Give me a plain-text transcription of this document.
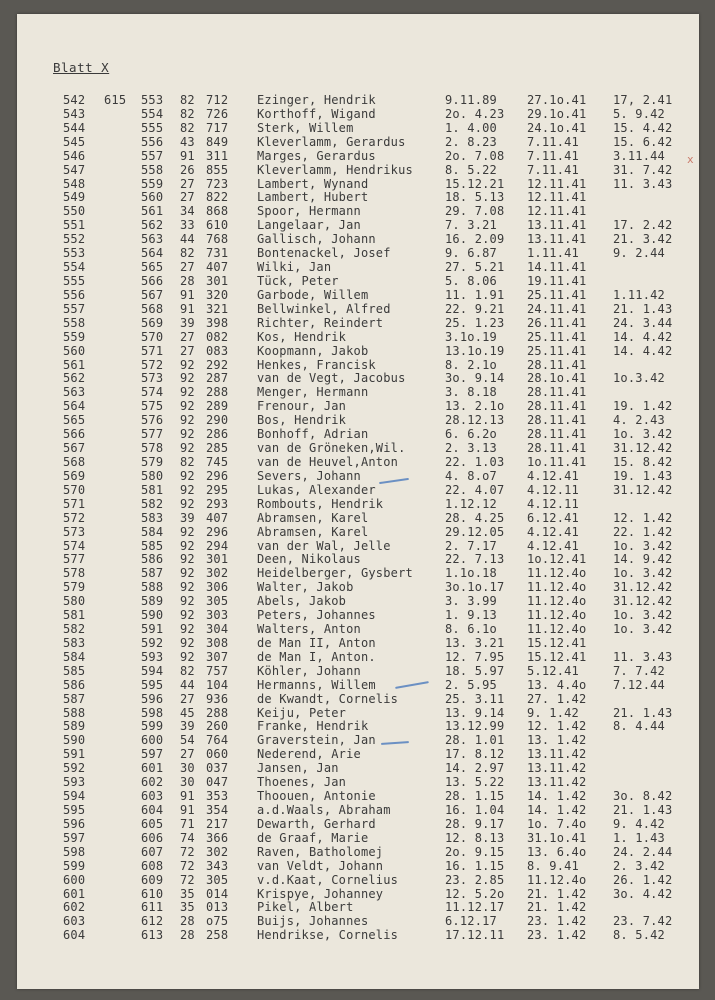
Blatt X
542 615 553 82 712 Ezinger, Hendrik	9.11.89	27.1o.41 17, 2.41
543	554 82 726 Korthoff, Wigand	2o. 4.23 29.1o.41 5. 9.42
544	555 82 717 Sterk, Willem	1. 4.00	24.1o.41 15. 4.42
545	556 43 849 Kleverlamm, Gerardus	2. 8.23	7.11.41	15. 6.42
546	557 91 311 Marges, Gerardus	2o. 7.08 7.11.41	3.11.44
547	558 26 855 Kleverlamm, Hendrikus	8. 5.22	7.11.41	31. 7.42
548	559 27 723 Lambert, Wynand	15.12.21 12.11.41 11. 3.43
549	560 27 822 Lambert, Hubert	18. 5.13 12.11.41
550	561 34 868 Spoor, Hermann	29. 7.08 12.11.41
551	562 33 610 Langelaar, Jan	7. 3.21	13.11.41 17. 2.42
552	563 44 768 Gallisch, Johann	16. 2.09 13.11.41 21. 3.42
553	564 82 731 Bontenackel, Josef	9. 6.87	1.11.41	9. 2.44
554	565 27 407 Wilki, Jan	27. 5.21 14.11.41
555	566 28 301 Tück, Peter	5. 8.06	19.11.41
556	567 91 320 Garbode, Willem	11. 1.91 25.11.41 1.11.42
557	568 91 321 Bellwinkel, Alfred	22. 9.21 24.11.41 21. 1.43
558	569 39 398 Richter, Reindert	25. 1.23 26.11.41 24. 3.44
559	570 27 082 Kos, Hendrik	3.1o.19	25.11.41 14. 4.42
560	571 27 083 Koopmann, Jakob	13.1o.19 25.11.41 14. 4.42
561	572 92 292 Henkes, Francisk	8. 2.1o	28.11.41
562	573 92 287 van de Vegt, Jacobus	3o. 9.14 28.1o.41 1o.3.42
563	574 92 288 Menger, Hermann	3. 8.18	28.11.41
564	575 92 289 Frenour, Jan	13. 2.1o 28.11.41 19. 1.42
565	576 92 290 Bos, Hendrik	28.12.13 28.11.41 4. 2.43
566	577 92 286 Bonhoff, Adrian	6. 6.2o	28.11.41 1o. 3.42
567	578 92 285 van de Gröneken,Wil.	2. 3.13	28.11.41 31.12.42
568	579 82 745 van de Heuvel,Anton	22. 1.03 1o.11.41 15. 8.42
569	580 92 296 Severs, Johann	4. 8.o7	4.12.41	19. 1.43
570	581 92 295 Lukas, Alexander	22. 4.07 4.12.11	31.12.42
571	582 92 293 Rombouts, Hendrik	1.12.12	4.12.11
572	583 39 407 Abramsen, Karel	28. 4.25 6.12.41	12. 1.42
573	584 92 296 Abramsen, Karel	29.12.05 4.12.41	22. 1.42
574	585 92 294 van der Wal, Jelle	2. 7.17	4.12.41	1o. 3.42
577	586 92 301 Deen, Nikolaus	22. 7.13 1o.12.41 14. 9.42
578	587 92 302 Heidelberger, Gysbert	1.1o.18	11.12.4o 1o. 3.42
579	588 92 306 Walter, Jakob	3o.1o.17 11.12.4o 31.12.42
580	589 92 305 Abels, Jakob	3. 3.99	11.12.4o 31.12.42
581	590 92 303 Peters, Johannes	1. 9.13	11.12.4o 1o. 3.42
582	591 92 304 Walters, Anton	8. 6.1o	11.12.4o 1o. 3.42
583	592 92 308 de Man II, Anton	13. 3.21 15.12.41
584	593 92 307 de Man I, Anton.	12. 7.95 15.12.41 11. 3.43
585	594 82 757 Köhler, Johann	18. 5.97 5.12.41	7. 7.42
586	595 44 104 Hermanns, Willem	2. 5.95	13. 4.4o 7.12.44
587	596 27 936 de Kwandt, Cornelis	25. 3.11 27. 1.42
588	598 45 288 Keiju, Peter	13. 9.14 9. 1.42	21. 1.43
589	599 39 260 Franke, Hendrik	13.12.99 12. 1.42 8. 4.44
590	600 54 764 Graverstein, Jan	28. 1.01 13. 1.42
591	597 27 060 Nederend, Arie	17. 8.12 13.11.42
592	601 30 037 Jansen, Jan	14. 2.97 13.11.42
593	602 30 047 Thoenes, Jan	13. 5.22 13.11.42
594	603 91 353 Thoouen, Antonie	28. 1.15 14. 1.42 3o. 8.42
595	604 91 354 a.d.Waals, Abraham	16. 1.04 14. 1.42 21. 1.43
596	605 71 217 Dewarth, Gerhard	28. 9.17 1o. 7.4o 9. 4.42
597	606 74 366 de Graaf, Marie	12. 8.13 31.1o.41 1. 1.43
598	607 72 302 Raven, Batholomej	2o. 9.15 13. 6.4o 24. 2.44
599	608 72 343 van Veldt, Johann	16. 1.15 8. 9.41	2. 3.42
600	609 72 305 v.d.Kaat, Cornelius	23. 2.85 11.12.4o 26. 1.42
601	610 35 014 Krispye, Johanney	12. 5.2o 21. 1.42 3o. 4.42
602	611 35 013 Pikel, Albert	11.12.17 21. 1.42
603	612 28 o75 Buijs, Johannes	6.12.17	23. 1.42 23. 7.42
604	613 28 258 Hendrikse, Cornelis	17.12.11 23. 1.42 8. 5.42
x
